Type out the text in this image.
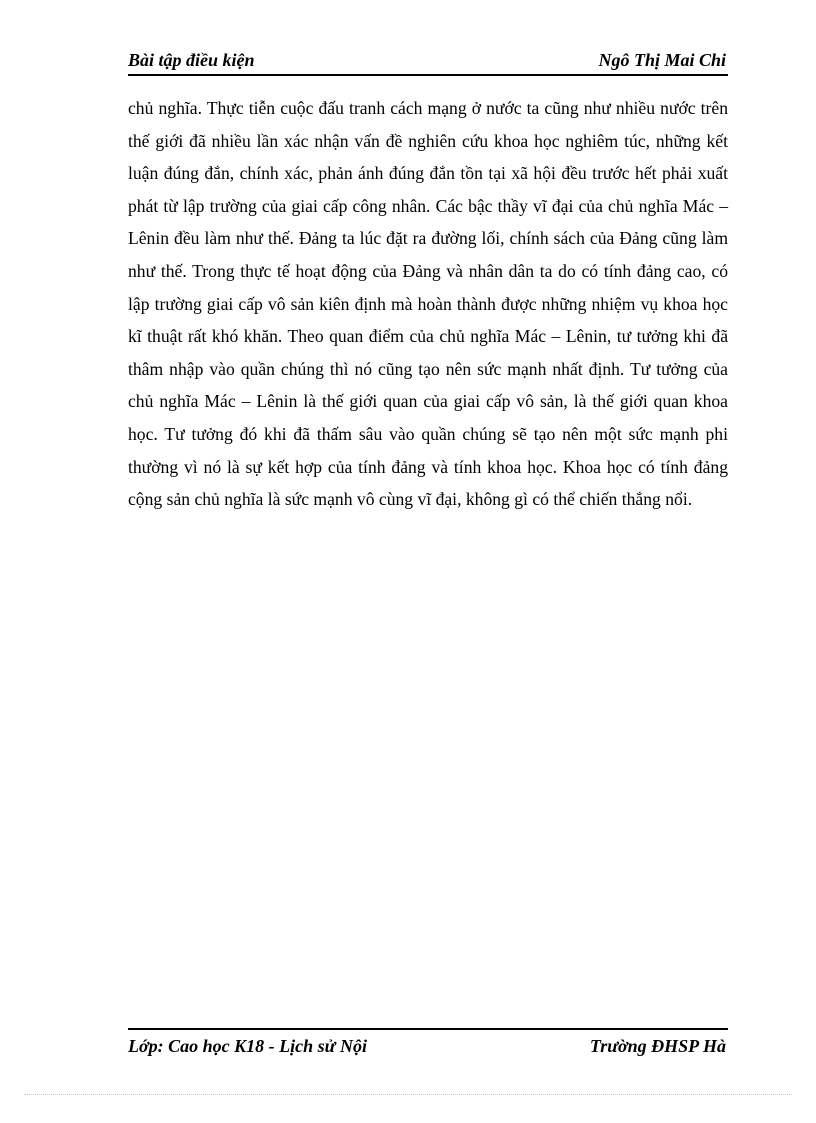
Bài tập điều kiện	Ngô Thị Mai Chi

chủ nghĩa. Thực tiễn cuộc đấu tranh cách mạng ở nước ta cũng như nhiều nước trên thế giới đã nhiều lần xác nhận vấn đề nghiên cứu khoa học nghiêm túc, những kết luận đúng đắn, chính xác, phản ánh đúng đắn tồn tại xã hội đều trước hết phải xuất phát từ lập trường của giai cấp công nhân. Các bậc thầy vĩ đại của chủ nghĩa Mác – Lênin đều làm như thế. Đảng ta lúc đặt ra đường lối, chính sách của Đảng cũng làm như thế. Trong thực tế hoạt động của Đảng và nhân dân ta do có tính đảng cao, có lập trường giai cấp vô sản kiên định mà hoàn thành được những nhiệm vụ khoa học kĩ thuật rất khó khăn. Theo quan điểm của chủ nghĩa Mác – Lênin, tư tưởng khi đã thâm nhập vào quần chúng thì nó cũng tạo nên sức mạnh nhất định. Tư tưởng của chủ nghĩa Mác – Lênin là thế giới quan của giai cấp vô sản, là thế giới quan khoa học. Tư tưởng đó khi đã thấm sâu vào quần chúng sẽ tạo nên một sức mạnh phi thường vì nó là sự kết hợp của tính đảng và tính khoa học. Khoa học có tính đảng cộng sản chủ nghĩa là sức mạnh vô cùng vĩ đại, không gì có thể chiến thắng nổi.

Lớp: Cao học K18 - Lịch sử Nội	Trường ĐHSP Hà
